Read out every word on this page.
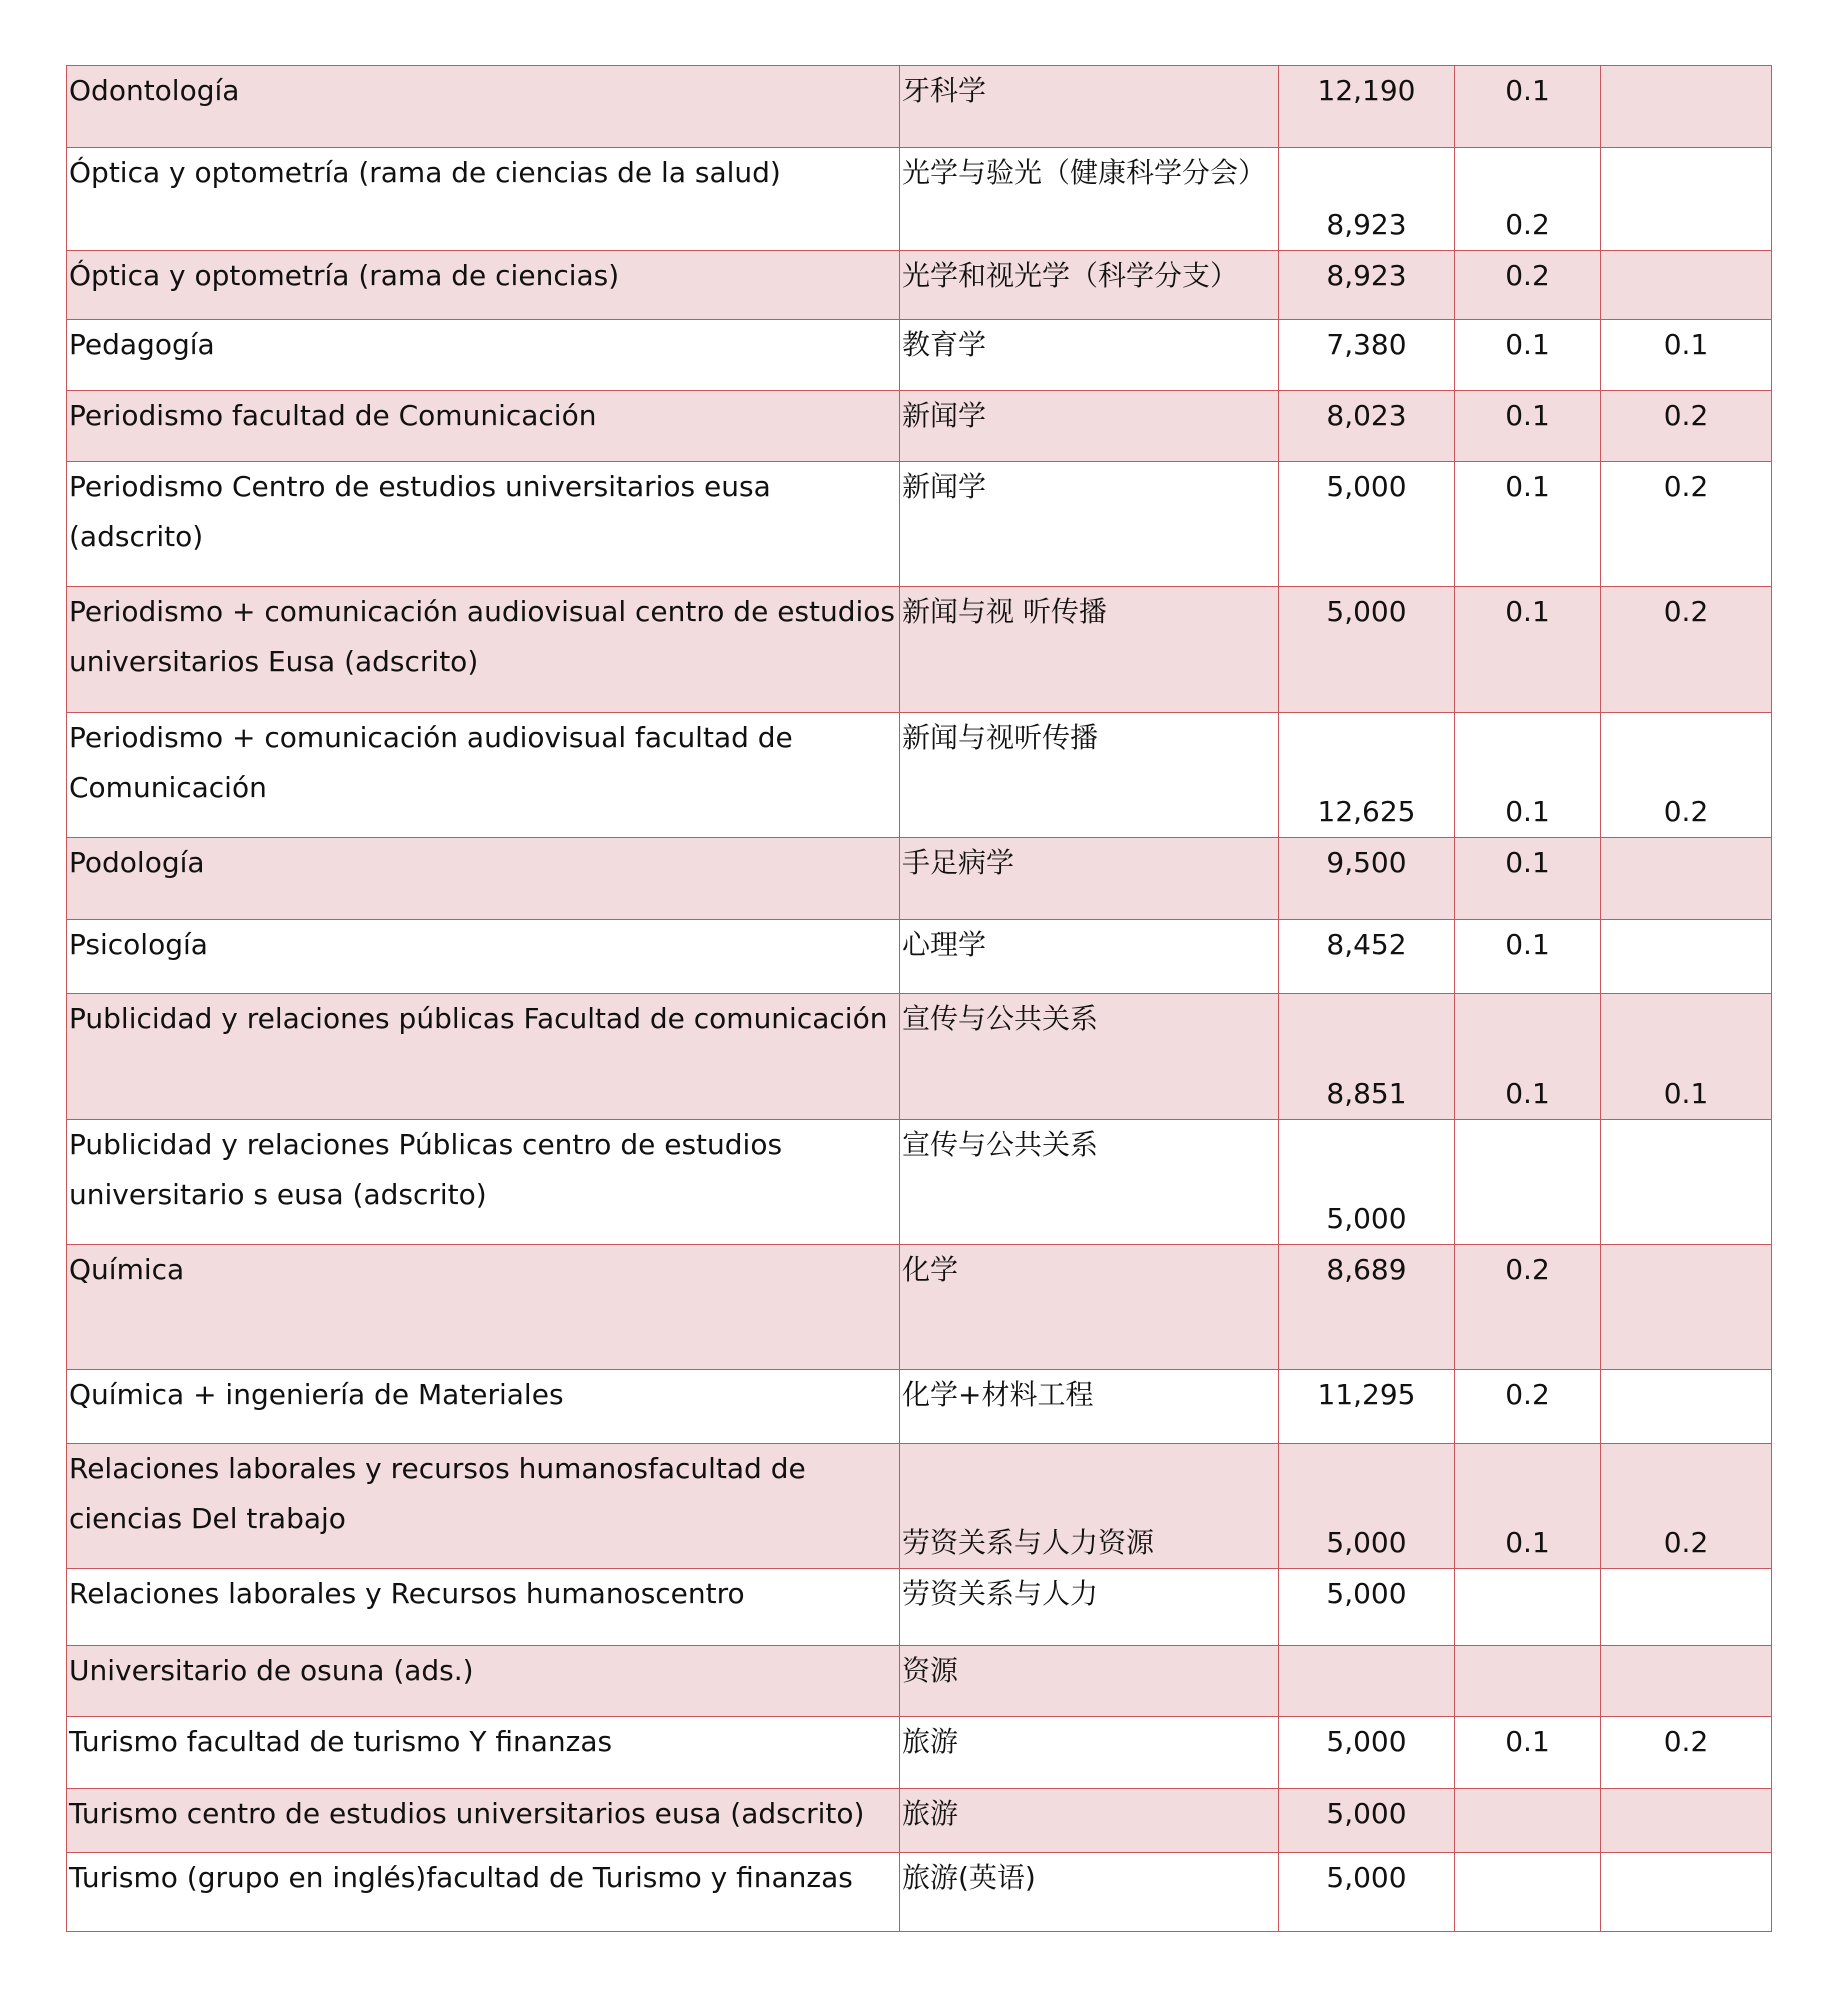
Odontología	牙科学	12,190	0.1	
Óptica y optometría (rama de ciencias de la salud)	光学与验光（健康科学分会）	8,923	0.2	
Óptica y optometría (rama de ciencias)	光学和视光学（科学分支）	8,923	0.2	
Pedagogía	教育学	7,380	0.1	0.1
Periodismo facultad de Comunicación	新闻学	8,023	0.1	0.2
Periodismo Centro de estudios universitarios eusa (adscrito)	新闻学	5,000	0.1	0.2
Periodismo + comunicación audiovisual centro de estudios universitarios Eusa (adscrito)	新闻与视 听传播	5,000	0.1	0.2
Periodismo + comunicación audiovisual facultad de Comunicación	新闻与视听传播	12,625	0.1	0.2
Podología	手足病学	9,500	0.1	
Psicología	心理学	8,452	0.1	
Publicidad y relaciones públicas Facultad de comunicación	宣传与公共关系	8,851	0.1	0.1
Publicidad y relaciones Públicas centro de estudios universitario s eusa (adscrito)	宣传与公共关系	5,000		
Química	化学	8,689	0.2	
Química + ingeniería de Materiales	化学+材料工程	11,295	0.2	
Relaciones laborales y recursos humanosfacultad de ciencias Del trabajo	劳资关系与人力资源	5,000	0.1	0.2
Relaciones laborales y Recursos humanoscentro	劳资关系与人力	5,000		
Universitario de osuna (ads.)	资源			
Turismo facultad de turismo Y finanzas	旅游	5,000	0.1	0.2
Turismo centro de estudios universitarios eusa (adscrito)	旅游	5,000		
Turismo (grupo en inglés)facultad de Turismo y finanzas	旅游(英语)	5,000		
